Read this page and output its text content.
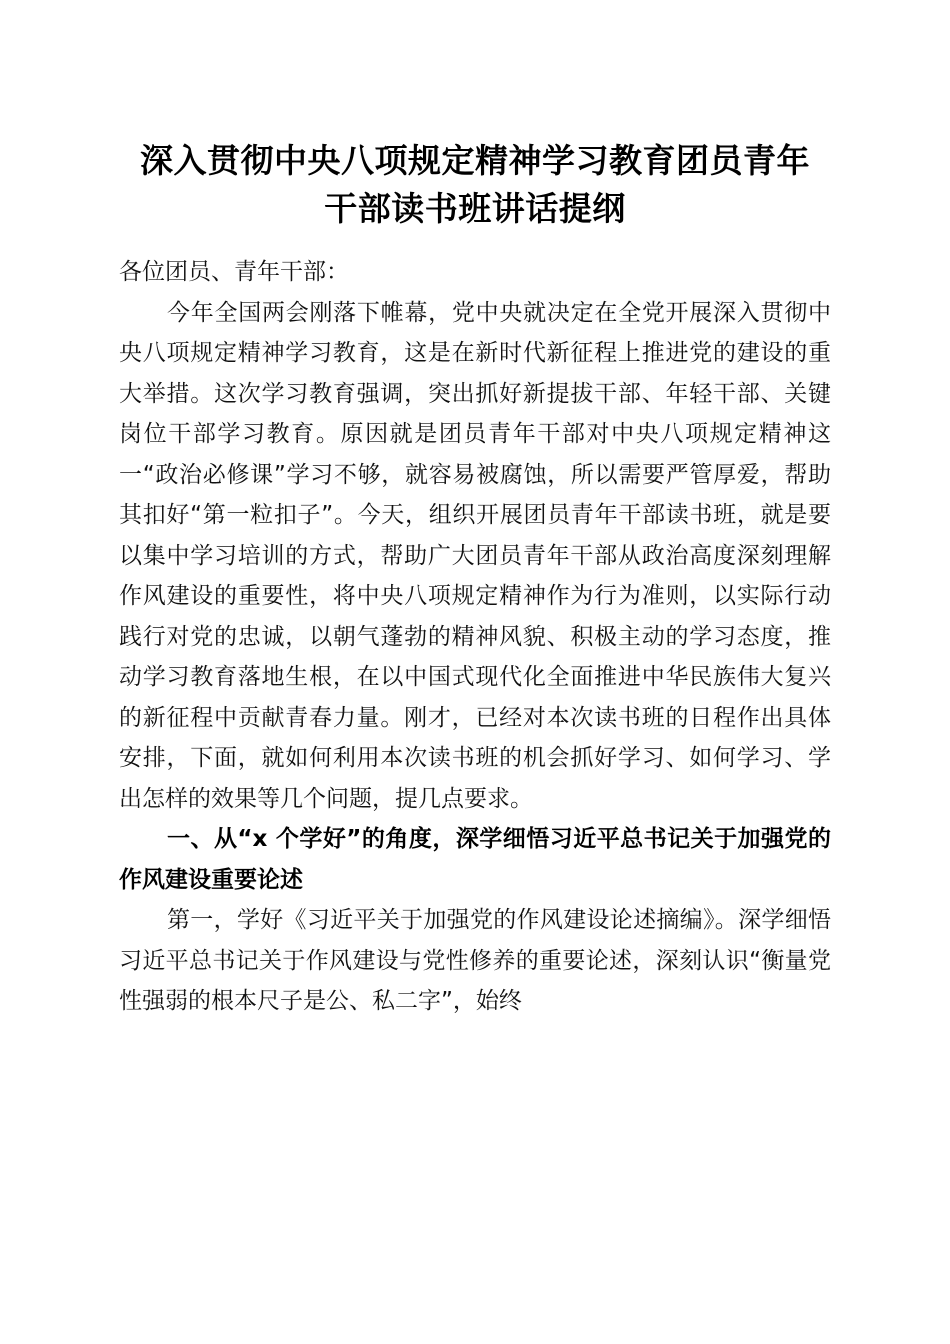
深入贯彻中央八项规定精神学习教育团员青年
干部读书班讲话提纲

各位团员、青年干部：

今年全国两会刚落下帷幕，党中央就决定在全党开展深入贯彻中央八项规定精神学习教育，这是在新时代新征程上推进党的建设的重大举措。这次学习教育强调，突出抓好新提拔干部、年轻干部、关键岗位干部学习教育。原因就是团员青年干部对中央八项规定精神这一“政治必修课”学习不够，就容易被腐蚀，所以需要严管厚爱，帮助其扣好“第一粒扣子”。今天，组织开展团员青年干部读书班，就是要以集中学习培训的方式，帮助广大团员青年干部从政治高度深刻理解作风建设的重要性，将中央八项规定精神作为行为准则，以实际行动践行对党的忠诚，以朝气蓬勃的精神风貌、积极主动的学习态度，推动学习教育落地生根，在以中国式现代化全面推进中华民族伟大复兴的新征程中贡献青春力量。刚才，已经对本次读书班的日程作出具体安排，下面，就如何利用本次读书班的机会抓好学习、如何学习、学出怎样的效果等几个问题，提几点要求。

一、从“x 个学好”的角度，深学细悟习近平总书记关于加强党的作风建设重要论述

第一，学好《习近平关于加强党的作风建设论述摘编》。深学细悟习近平总书记关于作风建设与党性修养的重要论述，深刻认识“衡量党性强弱的根本尺子是公、私二字”，始终
